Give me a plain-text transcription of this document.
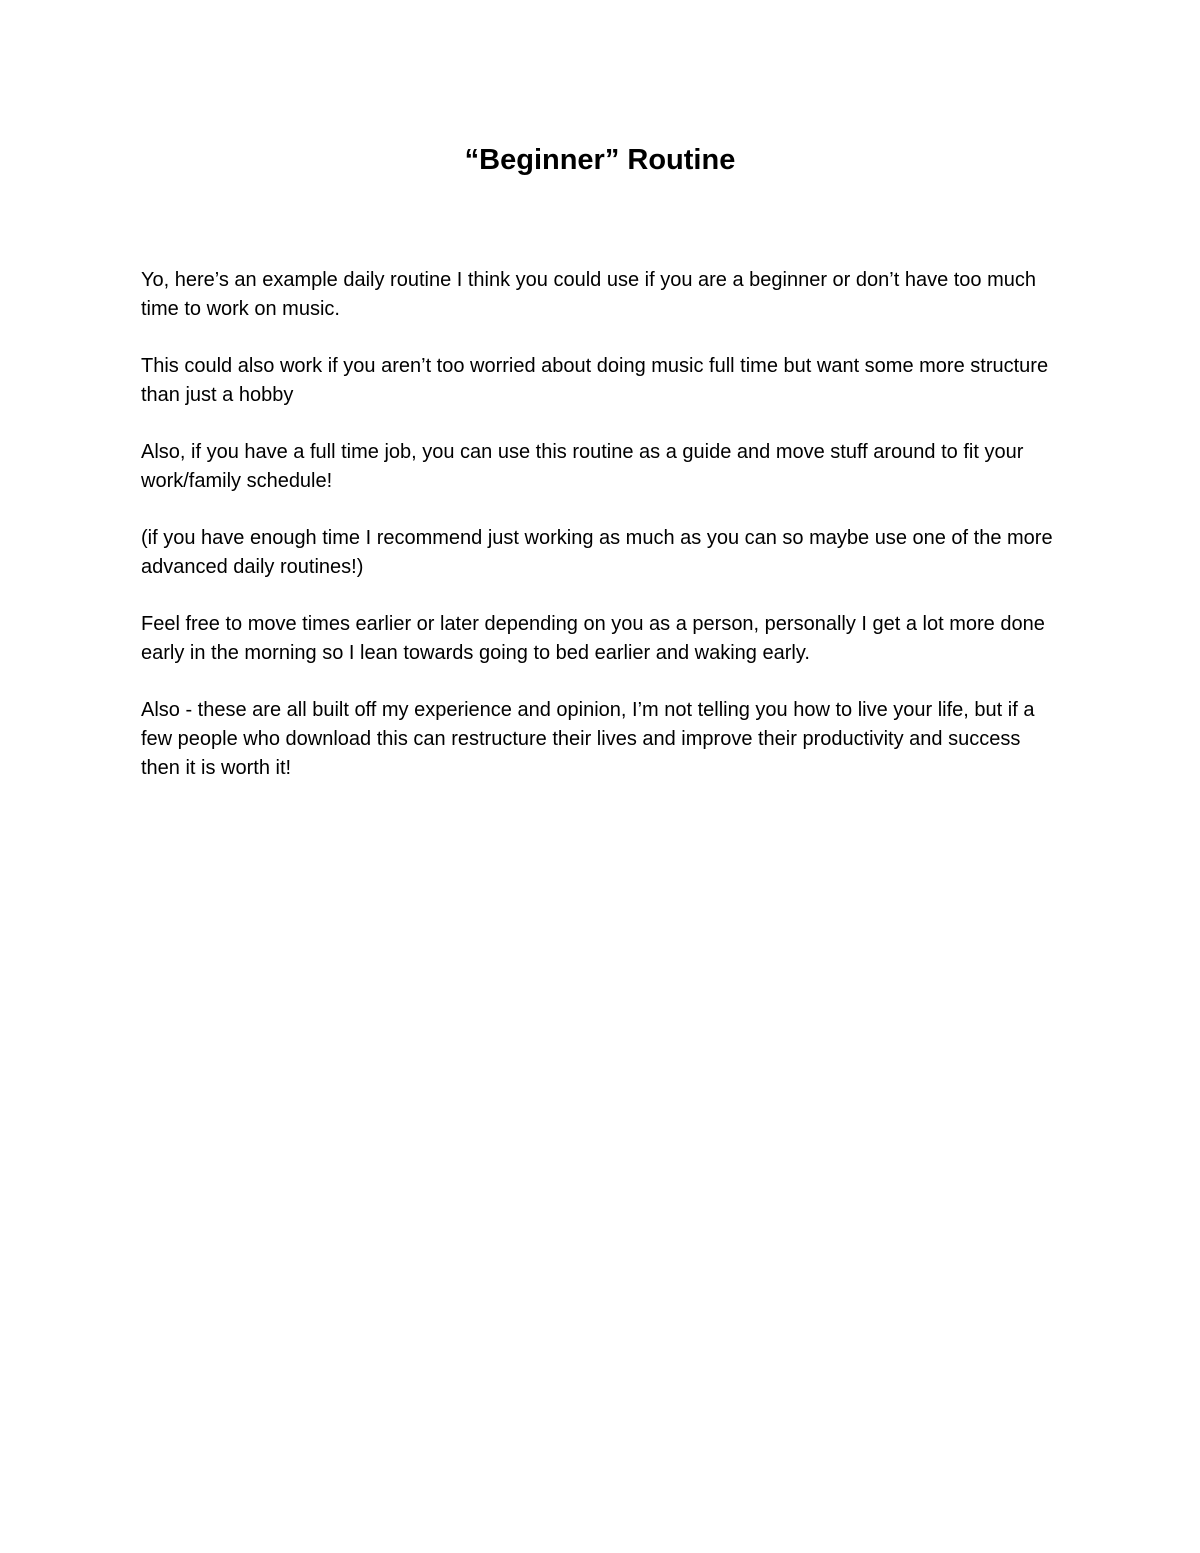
“Beginner” Routine

Yo, here’s an example daily routine I think you could use if you are a beginner or don’t have too much time to work on music.

This could also work if you aren’t too worried about doing music full time but want some more structure than just a hobby

Also, if you have a full time job, you can use this routine as a guide and move stuff around to fit your work/family schedule!

(if you have enough time I recommend just working as much as you can so maybe use one of the more advanced daily routines!)

Feel free to move times earlier or later depending on you as a person, personally I get a lot more done early in the morning so I lean towards going to bed earlier and waking early.

Also - these are all built off my experience and opinion, I’m not telling you how to live your life, but if a few people who download this can restructure their lives and improve their productivity and success then it is worth it!
